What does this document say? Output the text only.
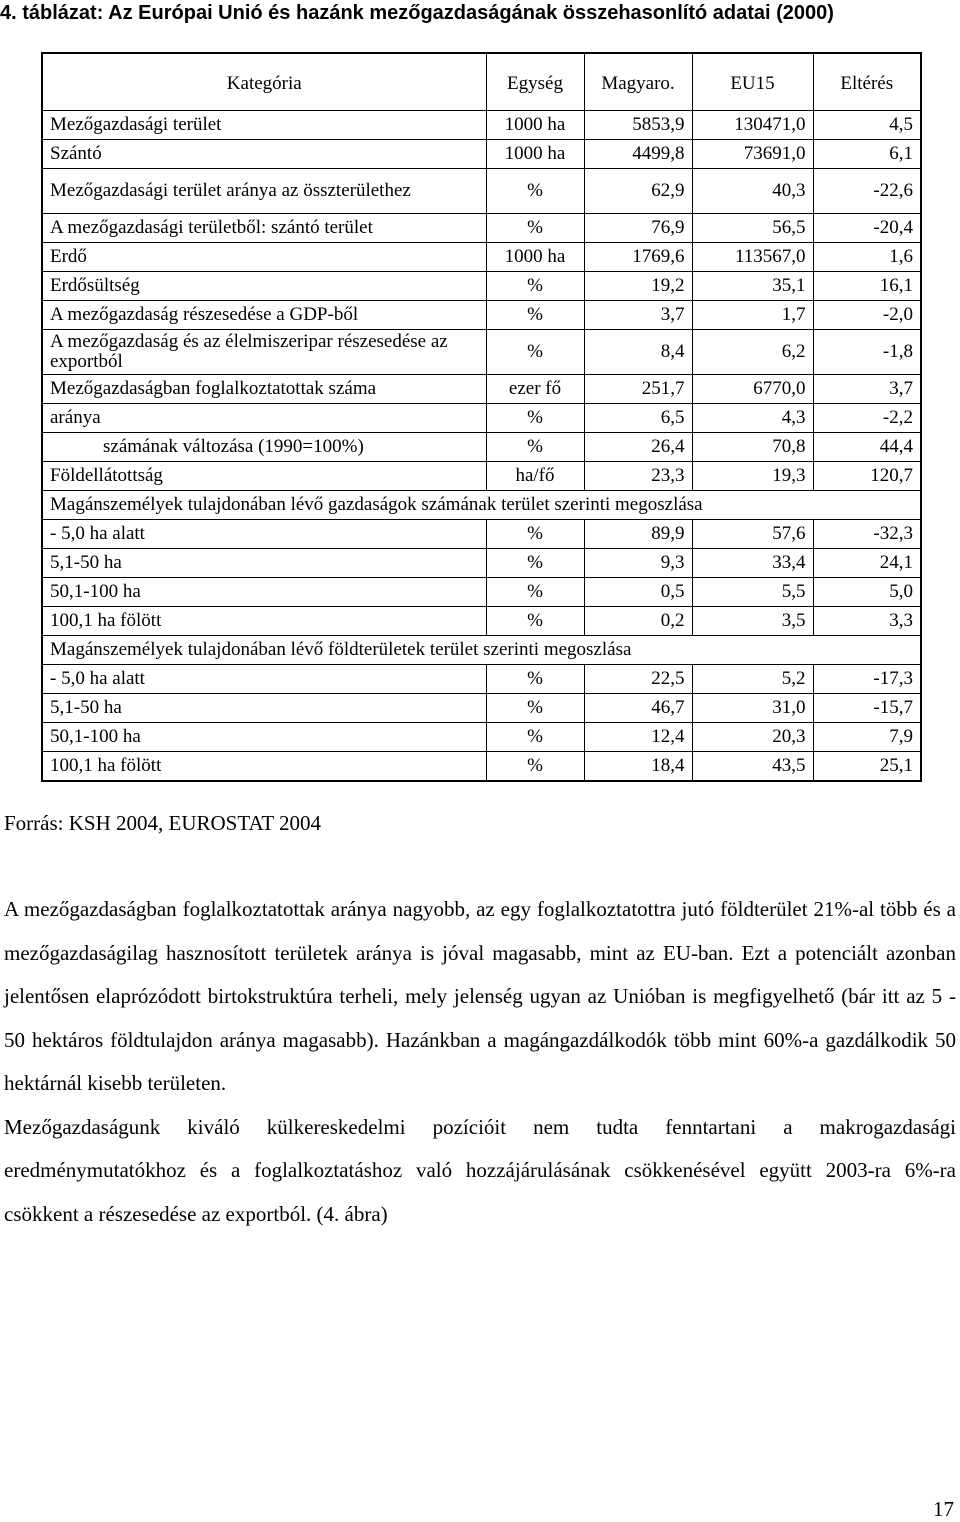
4. táblázat: Az Európai Unió és hazánk mezőgazdaságának összehasonlító adatai (2000)
Kategória	Egység	Magyaro.	EU15	Eltérés
Mezőgazdasági terület	1000 ha	5853,9	130471,0	4,5
Szántó	1000 ha	4499,8	73691,0	6,1
Mezőgazdasági terület aránya az összterülethez	%	62,9	40,3	-22,6
A mezőgazdasági területből: szántó terület	%	76,9	56,5	-20,4
Erdő	1000 ha	1769,6	113567,0	1,6
Erdősültség	%	19,2	35,1	16,1
A mezőgazdaság részesedése a GDP-ből	%	3,7	1,7	-2,0
A mezőgazdaság és az élelmiszeripar részesedése az exportból	%	8,4	6,2	-1,8
Mezőgazdaságban foglalkoztatottak száma	ezer fő	251,7	6770,0	3,7
aránya	%	6,5	4,3	-2,2
számának változása (1990=100%)	%	26,4	70,8	44,4
Földellátottság	ha/fő	23,3	19,3	120,7
Magánszemélyek tulajdonában lévő gazdaságok számának terület szerinti megoszlása				
- 5,0 ha alatt	%	89,9	57,6	-32,3
5,1-50 ha	%	9,3	33,4	24,1
50,1-100 ha	%	0,5	5,5	5,0
100,1 ha fölött	%	0,2	3,5	3,3
Magánszemélyek tulajdonában lévő földterületek terület szerinti megoszlása				
- 5,0 ha alatt	%	22,5	5,2	-17,3
5,1-50 ha	%	46,7	31,0	-15,7
50,1-100 ha	%	12,4	20,3	7,9
100,1 ha fölött	%	18,4	43,5	25,1
Forrás: KSH 2004, EUROSTAT 2004

A mezőgazdaságban foglalkoztatottak aránya nagyobb, az egy foglalkoztatottra jutó földterület 21%-al több és a mezőgazdaságilag hasznosított területek aránya is jóval magasabb, mint az EU-ban. Ezt a potenciált azonban jelentősen elaprózódott birtokstruktúra terheli, mely jelenség ugyan az Unióban is megfigyelhető (bár itt az 5 - 50 hektáros földtulajdon aránya magasabb). Hazánkban a magángazdálkodók több mint 60%-a gazdálkodik 50 hektárnál kisebb területen.

Mezőgazdaságunk kiváló külkereskedelmi pozícióit nem tudta fenntartani a makrogazdasági eredménymutatókhoz és a foglalkoztatáshoz való hozzájárulásának csökkenésével együtt 2003-ra 6%-ra csökkent a részesedése az exportból. (4. ábra)

17
